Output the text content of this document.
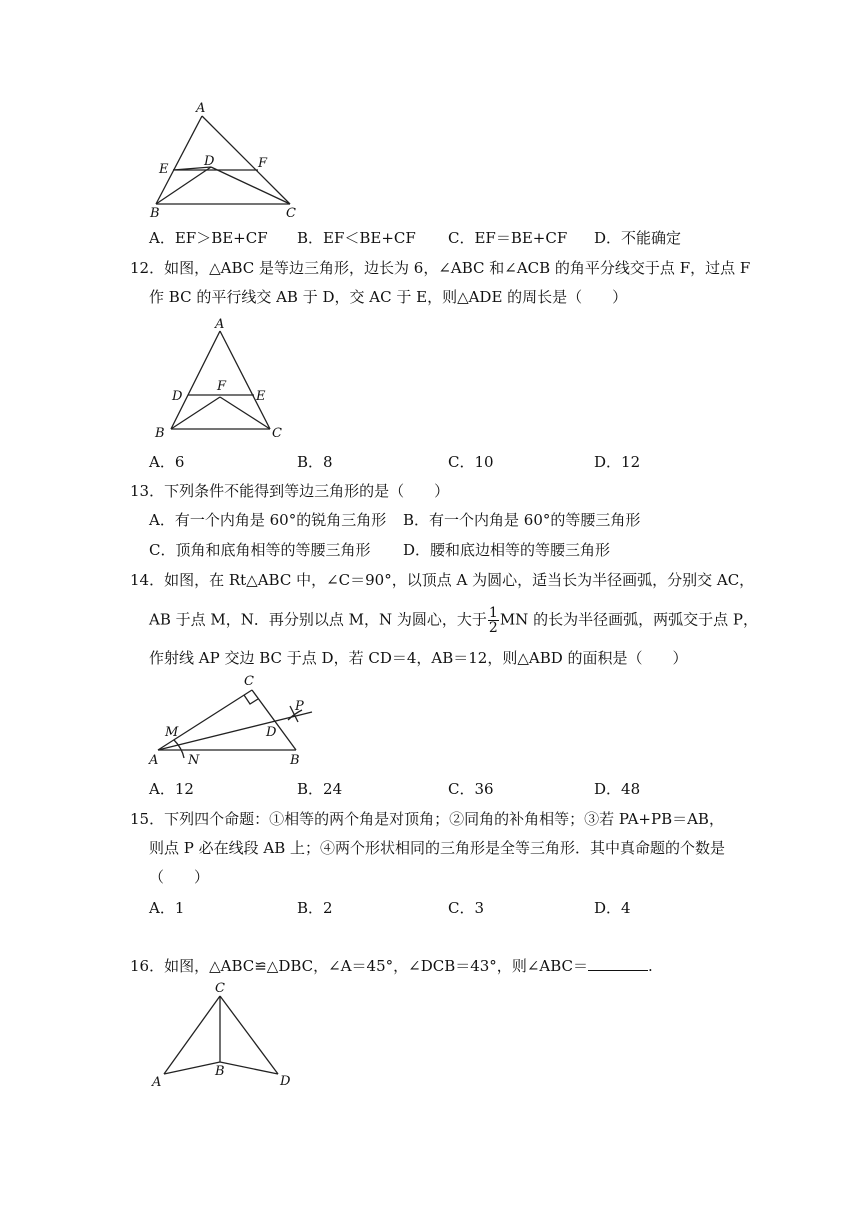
A
E
D	F
B	C
A．EF＞BE+CF B．EF＜BE+CF C．EF＝BE+CF D．不能确定
12．如图，△ABC 是等边三角形，边长为 6，∠ABC 和∠ACB 的角平分线交于点 F，过点 F
作 BC 的平行线交 AB 于 D，交 AC 于 E，则△ADE 的周长是（　　）
A
D
F
E
B	C
A．6	B．8	C．10	D．12
13．下列条件不能得到等边三角形的是（　　）
A．有一个内角是 60°的锐角三角形 B．有一个内角是 60°的等腰三角形
C．顶角和底角相等的等腰三角形 D．腰和底边相等的等腰三角形
14．如图，在 Rt△ABC 中，∠C＝90°，以顶点 A 为圆心，适当长为半径画弧，分别交 AC，
AB 于点 M，N．再分别以点 M，N 为圆心，大于 $\frac{1}{2}$ MN 的长为半径画弧，两弧交于点 P，
作射线 AP 交边 BC 于点 D，若 CD＝4，AB＝12，则△ABD 的面积是（　　）
C
P
M	D
A N	B
A．12	B．24	C．36	D．48
15．下列四个命题：①相等的两个角是对顶角；②同角的补角相等；③若 PA+PB＝AB，
则点 P 必在线段 AB 上；④两个形状相同的三角形是全等三角形．其中真命题的个数是
（　　）
A．1	B．2	C．3	D．4
16．如图，△ABC≌△DBC，∠A＝45°，∠DCB＝43°，则∠ABC＝	.
C
B
A	D
